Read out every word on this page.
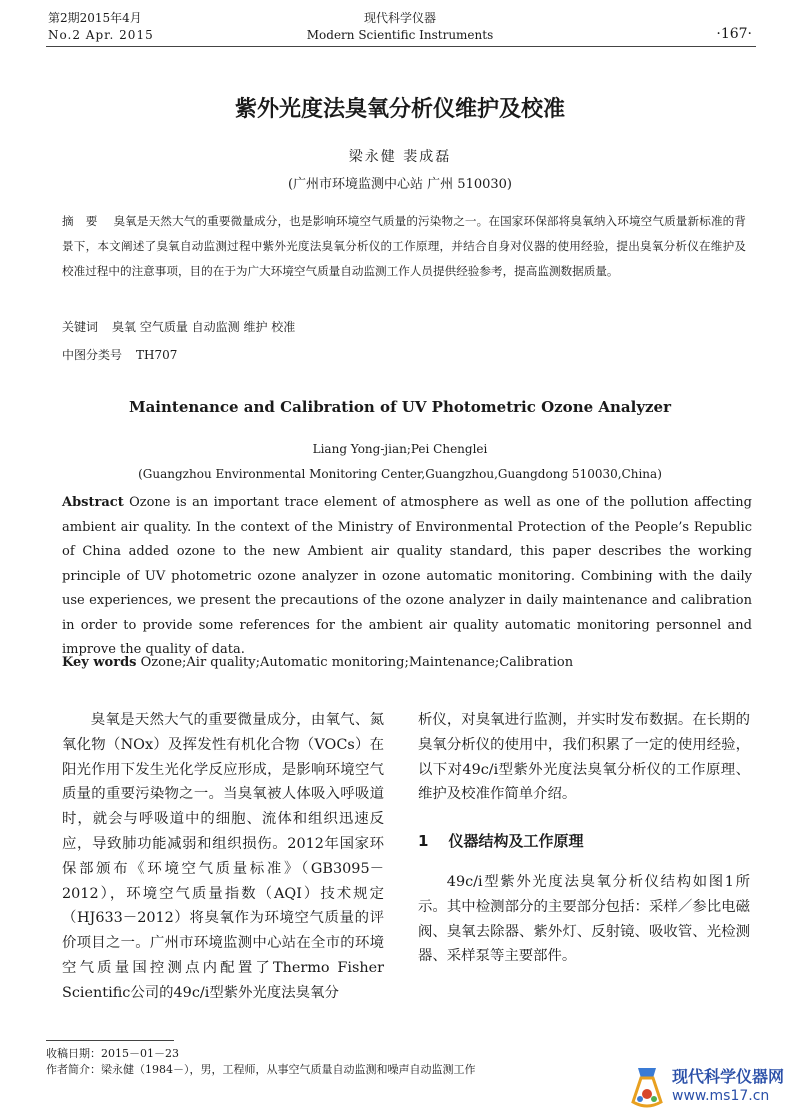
第2期2015年4月
No.2 Apr. 2015
现代科学仪器
Modern Scientific Instruments	·167·
紫外光度法臭氧分析仪维护及校准
梁永健 裴成磊
(广州市环境监测中心站 广州 510030)
摘要 臭氧是天然大气的重要微量成分，也是影响环境空气质量的污染物之一。在国家环保部将臭氧纳入环境空气质量新标准的背景下，本文阐述了臭氧自动监测过程中紫外光度法臭氧分析仪的工作原理，并结合自身对仪器的使用经验，提出臭氧分析仪在维护及校准过程中的注意事项，目的在于为广大环境空气质量自动监测工作人员提供经验参考，提高监测数据质量。
关键词 臭氧 空气质量 自动监测 维护 校准
中图分类号 TH707
Maintenance and Calibration of UV Photometric Ozone Analyzer
Liang Yong-jian;Pei Chenglei
(Guangzhou Environmental Monitoring Center,Guangzhou,Guangdong 510030,China)
Abstract Ozone is an important trace element of atmosphere as well as one of the pollution affecting ambient air quality. In the context of the Ministry of Environmental Protection of the People’s Republic of China added ozone to the new Ambient air quality standard, this paper describes the working principle of UV photometric ozone analyzer in ozone automatic monitoring. Combining with the daily use experiences, we present the precautions of the ozone analyzer in daily maintenance and calibration in order to provide some references for the ambient air quality automatic monitoring personnel and improve the quality of data.
Key words Ozone;Air quality;Automatic monitoring;Maintenance;Calibration
臭氧是天然大气的重要微量成分，由氧气、氮氧化物（NOx）及挥发性有机化合物（VOCs）在阳光作用下发生光化学反应形成，是影响环境空气质量的重要污染物之一。当臭氧被人体吸入呼吸道时，就会与呼吸道中的细胞、流体和组织迅速反应，导致肺功能减弱和组织损伤。2012年国家环保部颁布《环境空气质量标准》（GB3095－2012），环境空气质量指数（AQI）技术规定（HJ633－2012）将臭氧作为环境空气质量的评价项目之一。广州市环境监测中心站在全市的环境空气质量国控测点内配置了Thermo Fisher Scientific公司的49c/i型紫外光度法臭氧分
析仪，对臭氧进行监测，并实时发布数据。在长期的臭氧分析仪的使用中，我们积累了一定的使用经验，以下对49c/i型紫外光度法臭氧分析仪的工作原理、维护及校准作简单介绍。
1 仪器结构及工作原理
49c/i型紫外光度法臭氧分析仪结构如图1所示。其中检测部分的主要部分包括：采样／参比电磁阀、臭氧去除器、紫外灯、反射镜、吸收管、光检测器、采样泵等主要部件。
收稿日期：2015－01－23
作者简介：梁永健（1984－），男，工程师，从事空气质量自动监测和噪声自动监测工作	现代科学仪器网
www.ms17.cn
